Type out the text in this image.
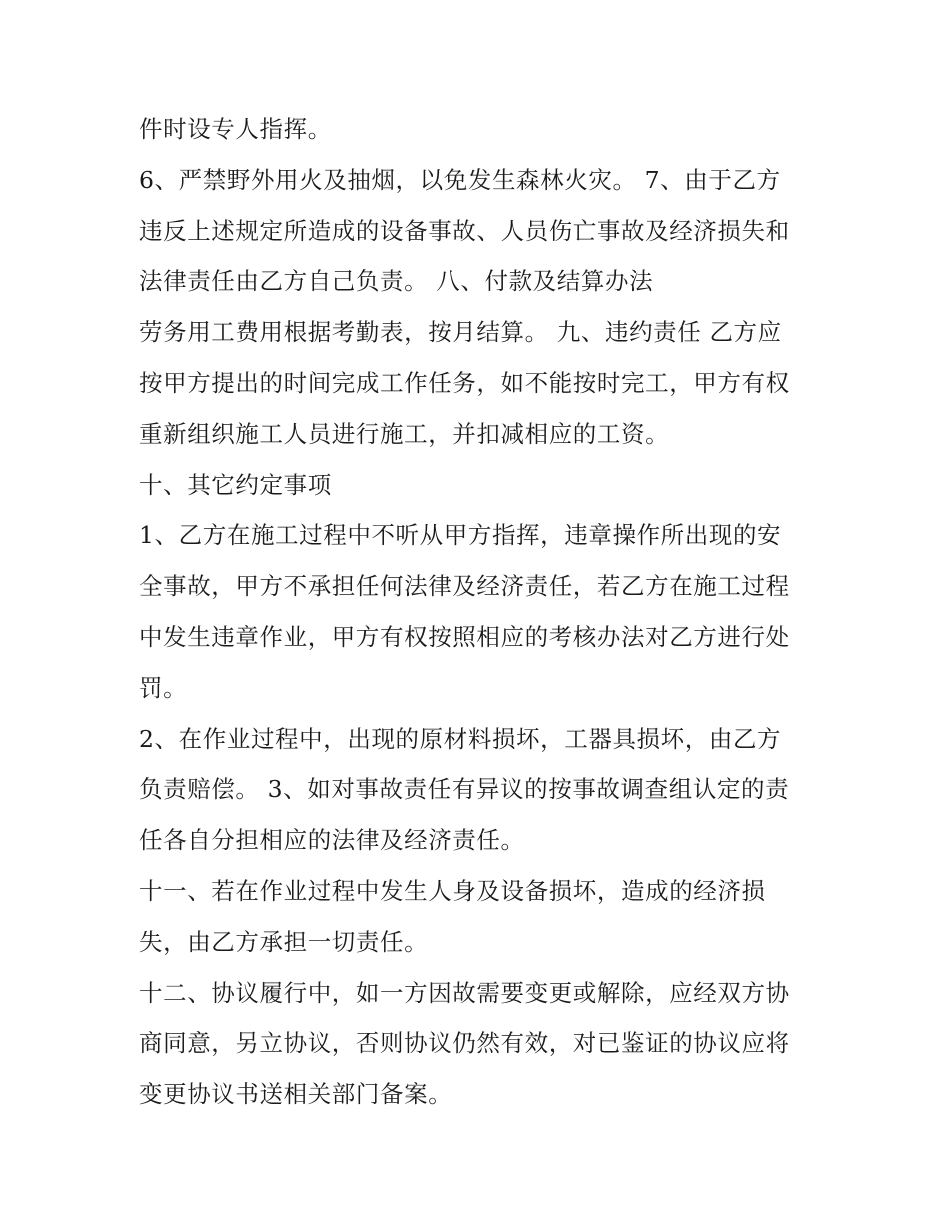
件时设专人指挥。
6、严禁野外用火及抽烟，以免发生森林火灾。 7、由于乙方
违反上述规定所造成的设备事故、人员伤亡事故及经济损失和
法律责任由乙方自己负责。 八、付款及结算办法
劳务用工费用根据考勤表，按月结算。 九、违约责任 乙方应
按甲方提出的时间完成工作任务，如不能按时完工，甲方有权
重新组织施工人员进行施工，并扣减相应的工资。
十、其它约定事项
1、乙方在施工过程中不听从甲方指挥，违章操作所出现的安
全事故，甲方不承担任何法律及经济责任，若乙方在施工过程
中发生违章作业，甲方有权按照相应的考核办法对乙方进行处
罚。
2、在作业过程中，出现的原材料损坏，工器具损坏，由乙方
负责赔偿。 3、如对事故责任有异议的按事故调查组认定的责
任各自分担相应的法律及经济责任。
十一、若在作业过程中发生人身及设备损坏，造成的经济损
失，由乙方承担一切责任。
十二、协议履行中，如一方因故需要变更或解除，应经双方协
商同意，另立协议，否则协议仍然有效，对已鉴证的协议应将
变更协议书送相关部门备案。
